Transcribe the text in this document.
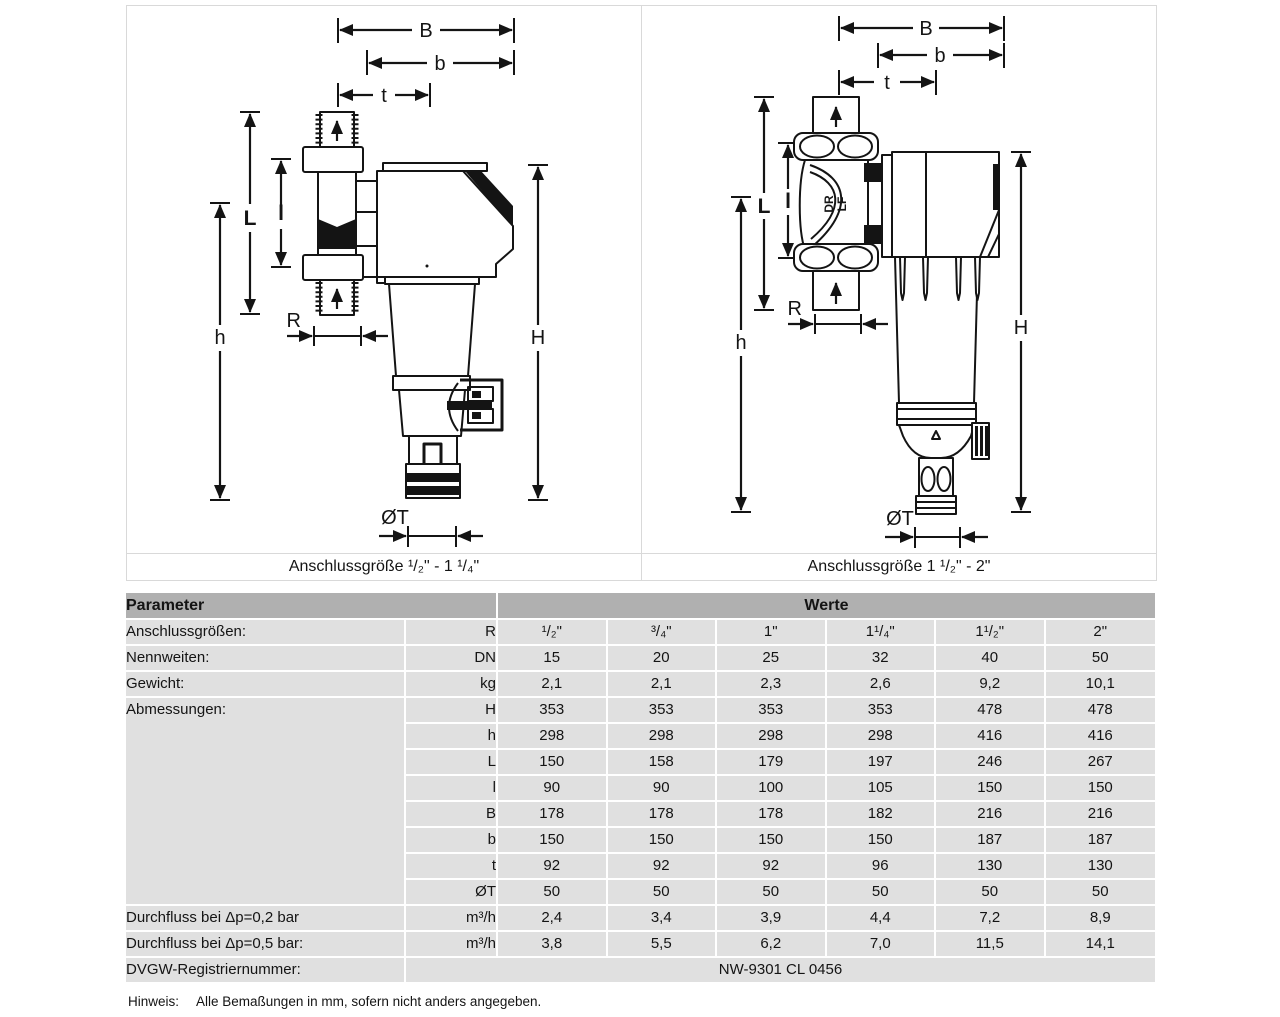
B
b
t
L l
h	H
R
ØT
Anschlussgröße ¹/₂" - 1 ¹/₄"
B
b
t
L l
h
H
R
ØT
DR LF
Anschlussgröße 1 ¹/₂" - 2"
Parameter		Werte					
Anschlussgrößen:	R	¹/₂"	³/₄"	1"	1¹/₄"	1¹/₂"	2"
Nennweiten:	DN	15	20	25	32	40	50
Gewicht:	kg	2,1	2,1	2,3	2,6	9,2	10,1
Abmessungen:	H	353	353	353	353	478	478
	h	298	298	298	298	416	416
	L	150	158	179	197	246	267
	l	90	90	100	105	150	150
	B	178	178	178	182	216	216
	b	150	150	150	150	187	187
	t	92	92	92	96	130	130
	ØT	50	50	50	50	50	50
Durchfluss bei Δp=0,2 bar	m³/h	2,4	3,4	3,9	4,4	7,2	8,9
Durchfluss bei Δp=0,5 bar:	m³/h	3,8	5,5	6,2	7,0	11,5	14,1
DVGW-Registriernummer:	NW-9301 CL 0456						
Hinweis: Alle Bemaßungen in mm, sofern nicht anders angegeben.
